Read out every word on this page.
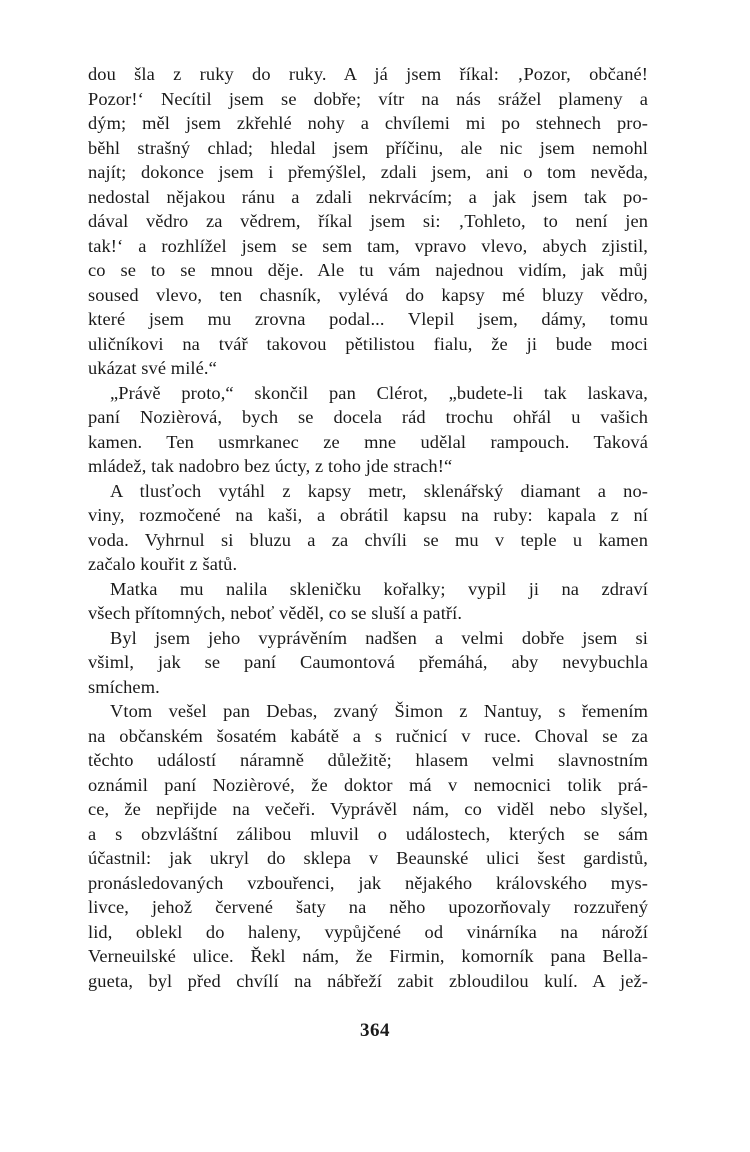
dou šla z ruky do ruky. A já jsem říkal: ‚Pozor, občané!
Pozor!‘ Necítil jsem se dobře; vítr na nás srážel plameny a
dým; měl jsem zkřehlé nohy a chvílemi mi po stehnech pro-
běhl strašný chlad; hledal jsem příčinu, ale nic jsem nemohl
najít; dokonce jsem i přemýšlel, zdali jsem, ani o tom nevěda,
nedostal nějakou ránu a zdali nekrvácím; a jak jsem tak po-
dával vědro za vědrem, říkal jsem si: ‚Tohleto, to není jen
tak!‘ a rozhlížel jsem se sem tam, vpravo vlevo, abych zjistil,
co se to se mnou děje. Ale tu vám najednou vidím, jak můj
soused vlevo, ten chasník, vylévá do kapsy mé bluzy vědro,
které jsem mu zrovna podal... Vlepil jsem, dámy, tomu
uličníkovi na tvář takovou pětilistou fialu, že ji bude moci
ukázat své milé.“
„Právě proto,“ skončil pan Clérot, „budete-li tak laskava,
paní Nozièrová, bych se docela rád trochu ohřál u vašich
kamen. Ten usmrkanec ze mne udělal rampouch. Taková
mládež, tak nadobro bez úcty, z toho jde strach!“
A tlusťoch vytáhl z kapsy metr, sklenářský diamant a no-
viny, rozmočené na kaši, a obrátil kapsu na ruby: kapala z ní
voda. Vyhrnul si bluzu a za chvíli se mu v teple u kamen
začalo kouřit z šatů.
Matka mu nalila skleničku kořalky; vypil ji na zdraví
všech přítomných, neboť věděl, co se sluší a patří.
Byl jsem jeho vyprávěním nadšen a velmi dobře jsem si
všiml, jak se paní Caumontová přemáhá, aby nevybuchla
smíchem.
Vtom vešel pan Debas, zvaný Šimon z Nantuy, s řemením
na občanském šosatém kabátě a s ručnicí v ruce. Choval se za
těchto událostí náramně důležitě; hlasem velmi slavnostním
oznámil paní Nozièrové, že doktor má v nemocnici tolik prá-
ce, že nepřijde na večeři. Vyprávěl nám, co viděl nebo slyšel,
a s obzvláštní zálibou mluvil o událostech, kterých se sám
účastnil: jak ukryl do sklepa v Beaunské ulici šest gardistů,
pronásledovaných vzbouřenci, jak nějakého královského mys-
livce, jehož červené šaty na něho upozorňovaly rozzuřený
lid, oblekl do haleny, vypůjčené od vinárníka na nároží
Verneuilské ulice. Řekl nám, že Firmin, komorník pana Bella-
gueta, byl před chvílí na nábřeží zabit zbloudilou kulí. A jež-
364
